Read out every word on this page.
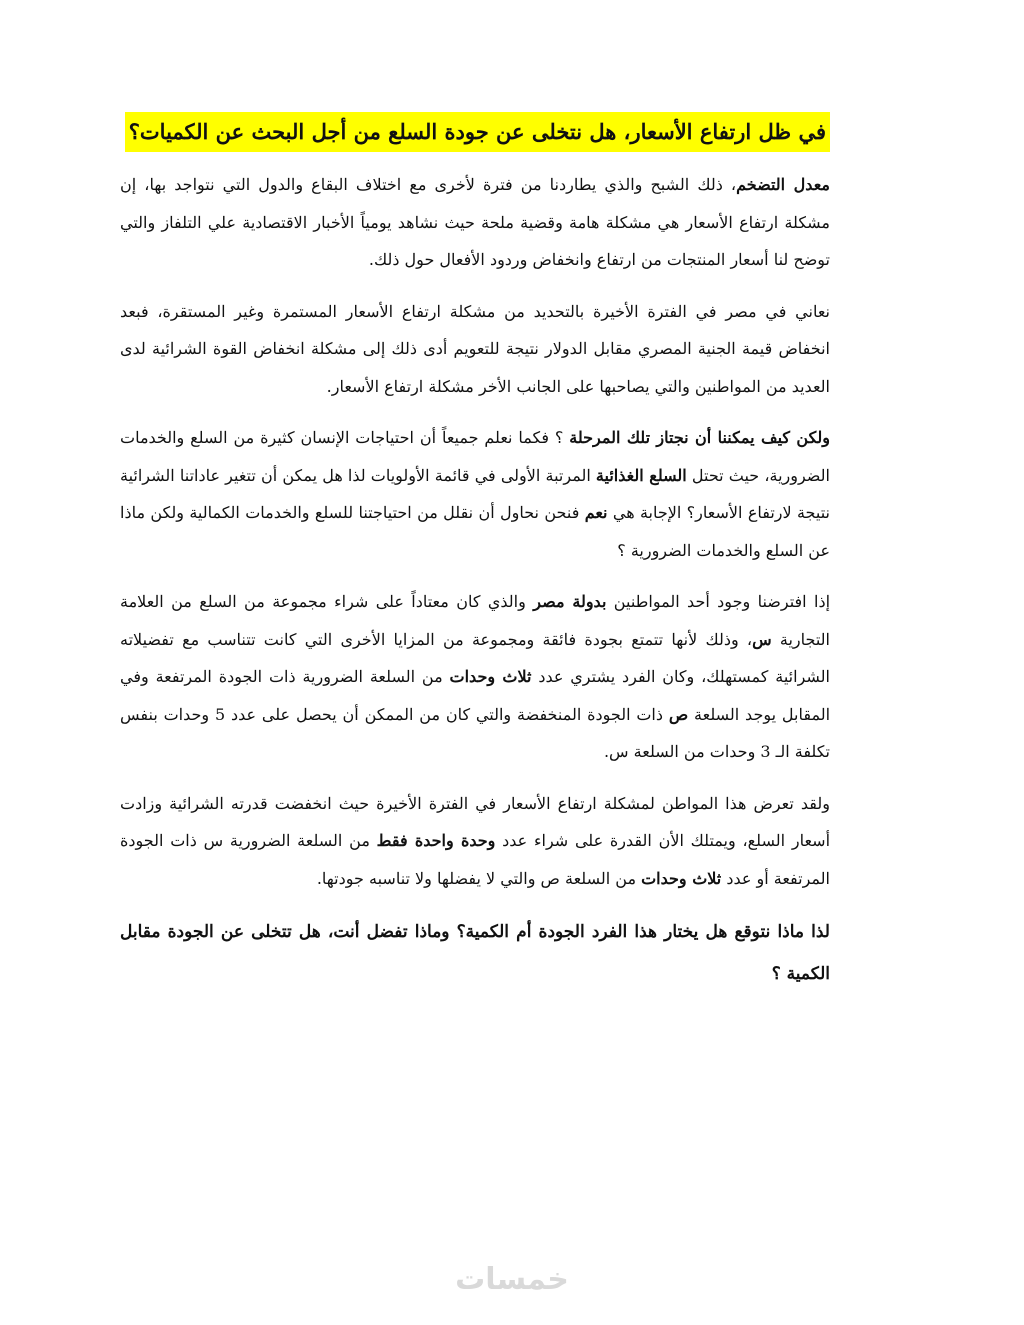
في ظل ارتفاع الأسعار، هل نتخلى عن جودة السلع من أجل البحث عن الكميات؟

معدل التضخم، ذلك الشبح والذي يطاردنا من فترة لأخرى مع اختلاف البقاع والدول التي نتواجد بها، إن مشكلة ارتفاع الأسعار هي مشكلة هامة وقضية ملحة حيث نشاهد يومياً الأخبار الاقتصادية علي التلفاز والتي توضح لنا أسعار المنتجات من ارتفاع وانخفاض وردود الأفعال حول ذلك.

نعاني في مصر في الفترة الأخيرة بالتحديد من مشكلة ارتفاع الأسعار المستمرة وغير المستقرة، فبعد انخفاض قيمة الجنية المصري مقابل الدولار نتيجة للتعويم أدى ذلك إلى مشكلة انخفاض القوة الشرائية لدى العديد من المواطنين والتي يصاحبها على الجانب الأخر مشكلة ارتفاع الأسعار.

ولكن كيف يمكننا أن نجتاز تلك المرحلة ؟ فكما نعلم جميعاً أن احتياجات الإنسان كثيرة من السلع والخدمات الضرورية، حيث تحتل السلع الغذائية المرتبة الأولى في قائمة الأولويات لذا هل يمكن أن تتغير عاداتنا الشرائية نتيجة لارتفاع الأسعار؟ الإجابة هي نعم فنحن نحاول أن نقلل من احتياجتنا للسلع والخدمات الكمالية ولكن ماذا عن السلع والخدمات الضرورية ؟

إذا افترضنا وجود أحد المواطنين بدولة مصر والذي كان معتاداً على شراء مجموعة من السلع من العلامة التجارية س، وذلك لأنها تتمتع بجودة فائقة ومجموعة من المزايا الأخرى التي كانت تتناسب مع تفضيلاته الشرائية كمستهلك، وكان الفرد يشتري عدد ثلاث وحدات من السلعة الضرورية ذات الجودة المرتفعة وفي المقابل يوجد السلعة ص ذات الجودة المنخفضة والتي كان من الممكن أن يحصل على عدد 5 وحدات بنفس تكلفة الـ 3 وحدات من السلعة س.

ولقد تعرض هذا المواطن لمشكلة ارتفاع الأسعار في الفترة الأخيرة حيث انخفضت قدرته الشرائية وزادت أسعار السلع، ويمتلك الأن القدرة على شراء عدد وحدة واحدة فقط من السلعة الضرورية س ذات الجودة المرتفعة أو عدد ثلاث وحدات من السلعة ص والتي لا يفضلها ولا تناسبه جودتها.

لذا ماذا نتوقع هل يختار هذا الفرد الجودة أم الكمية؟ وماذا تفضل أنت، هل تتخلى عن الجودة مقابل الكمية ؟

خمسات
